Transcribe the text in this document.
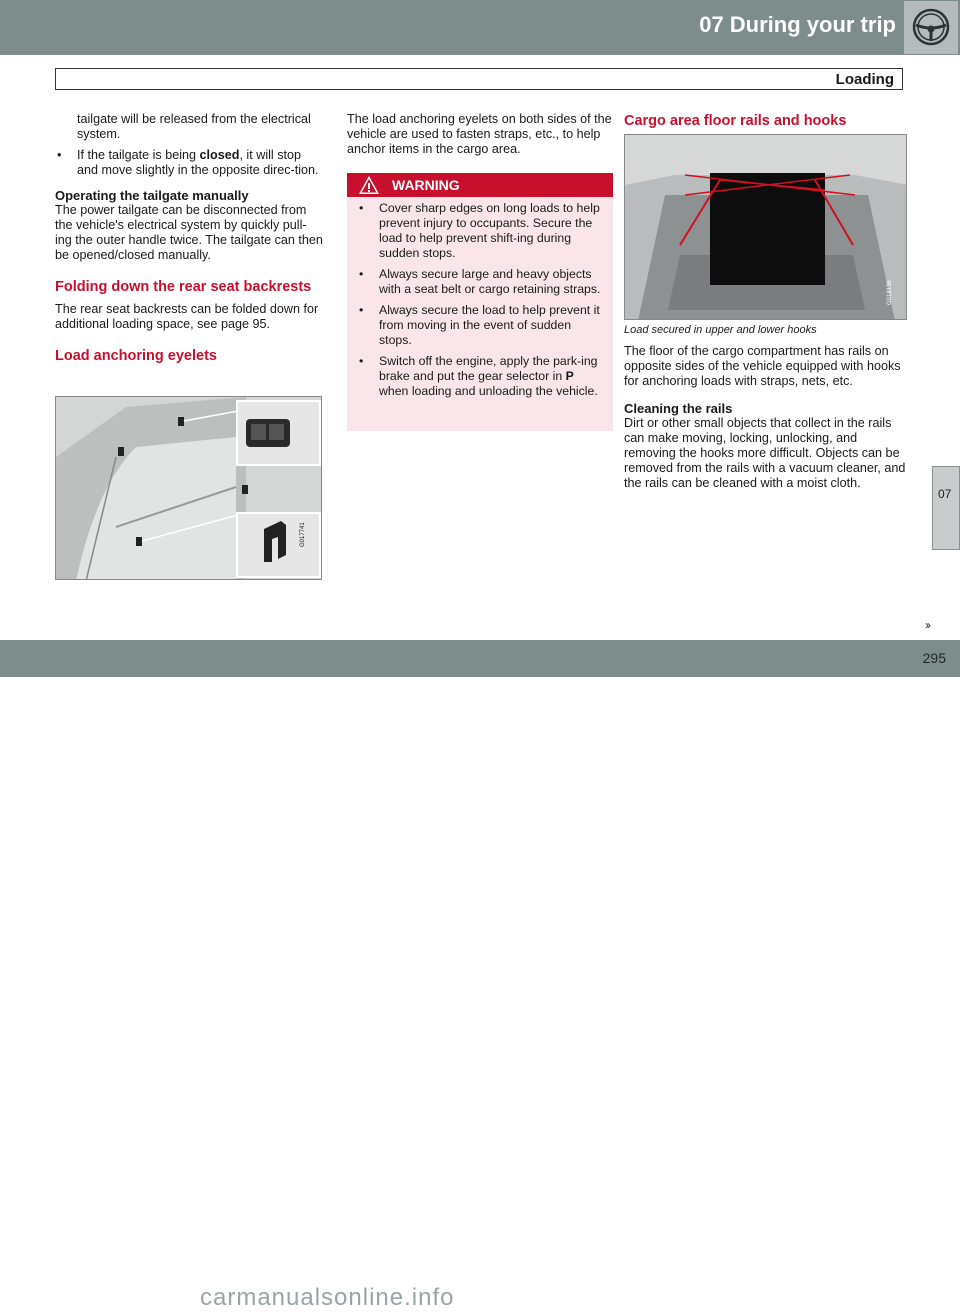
07 During your trip
Loading

tailgate will be released from the electrical

system.

• If the tailgate is being closed, it will stop and move slightly in the opposite direc-tion.

Operating the tailgate manually

The power tailgate can be disconnected from the vehicle's electrical system by quickly pull-ing the outer handle twice. The tailgate can then be opened/closed manually.

Folding down the rear seat backrests

The rear seat backrests can be folded down for additional loading space, see page 95.

Load anchoring eyelets

G017741

The load anchoring eyelets on both sides of the vehicle are used to fasten straps, etc., to help anchor items in the cargo area.

WARNING
• Cover sharp edges on long loads to help prevent injury to occupants. Secure the load to help prevent shift-ing during sudden stops.
• Always secure large and heavy objects with a seat belt or cargo retaining straps.
• Always secure the load to help prevent it from moving in the event of sudden stops.
• Switch off the engine, apply the park-ing brake and put the gear selector in P when loading and unloading the vehicle.

Cargo area floor rails and hooks

G018136

Load secured in upper and lower hooks

The floor of the cargo compartment has rails on opposite sides of the vehicle equipped with hooks for anchoring loads with straps, nets, etc.

Cleaning the rails

Dirt or other small objects that collect in the rails can make moving, locking, unlocking, and removing the hooks more difficult. Objects can be removed from the rails with a vacuum cleaner, and the rails can be cleaned with a moist cloth.

07
››
carmanualsonline.info
295
